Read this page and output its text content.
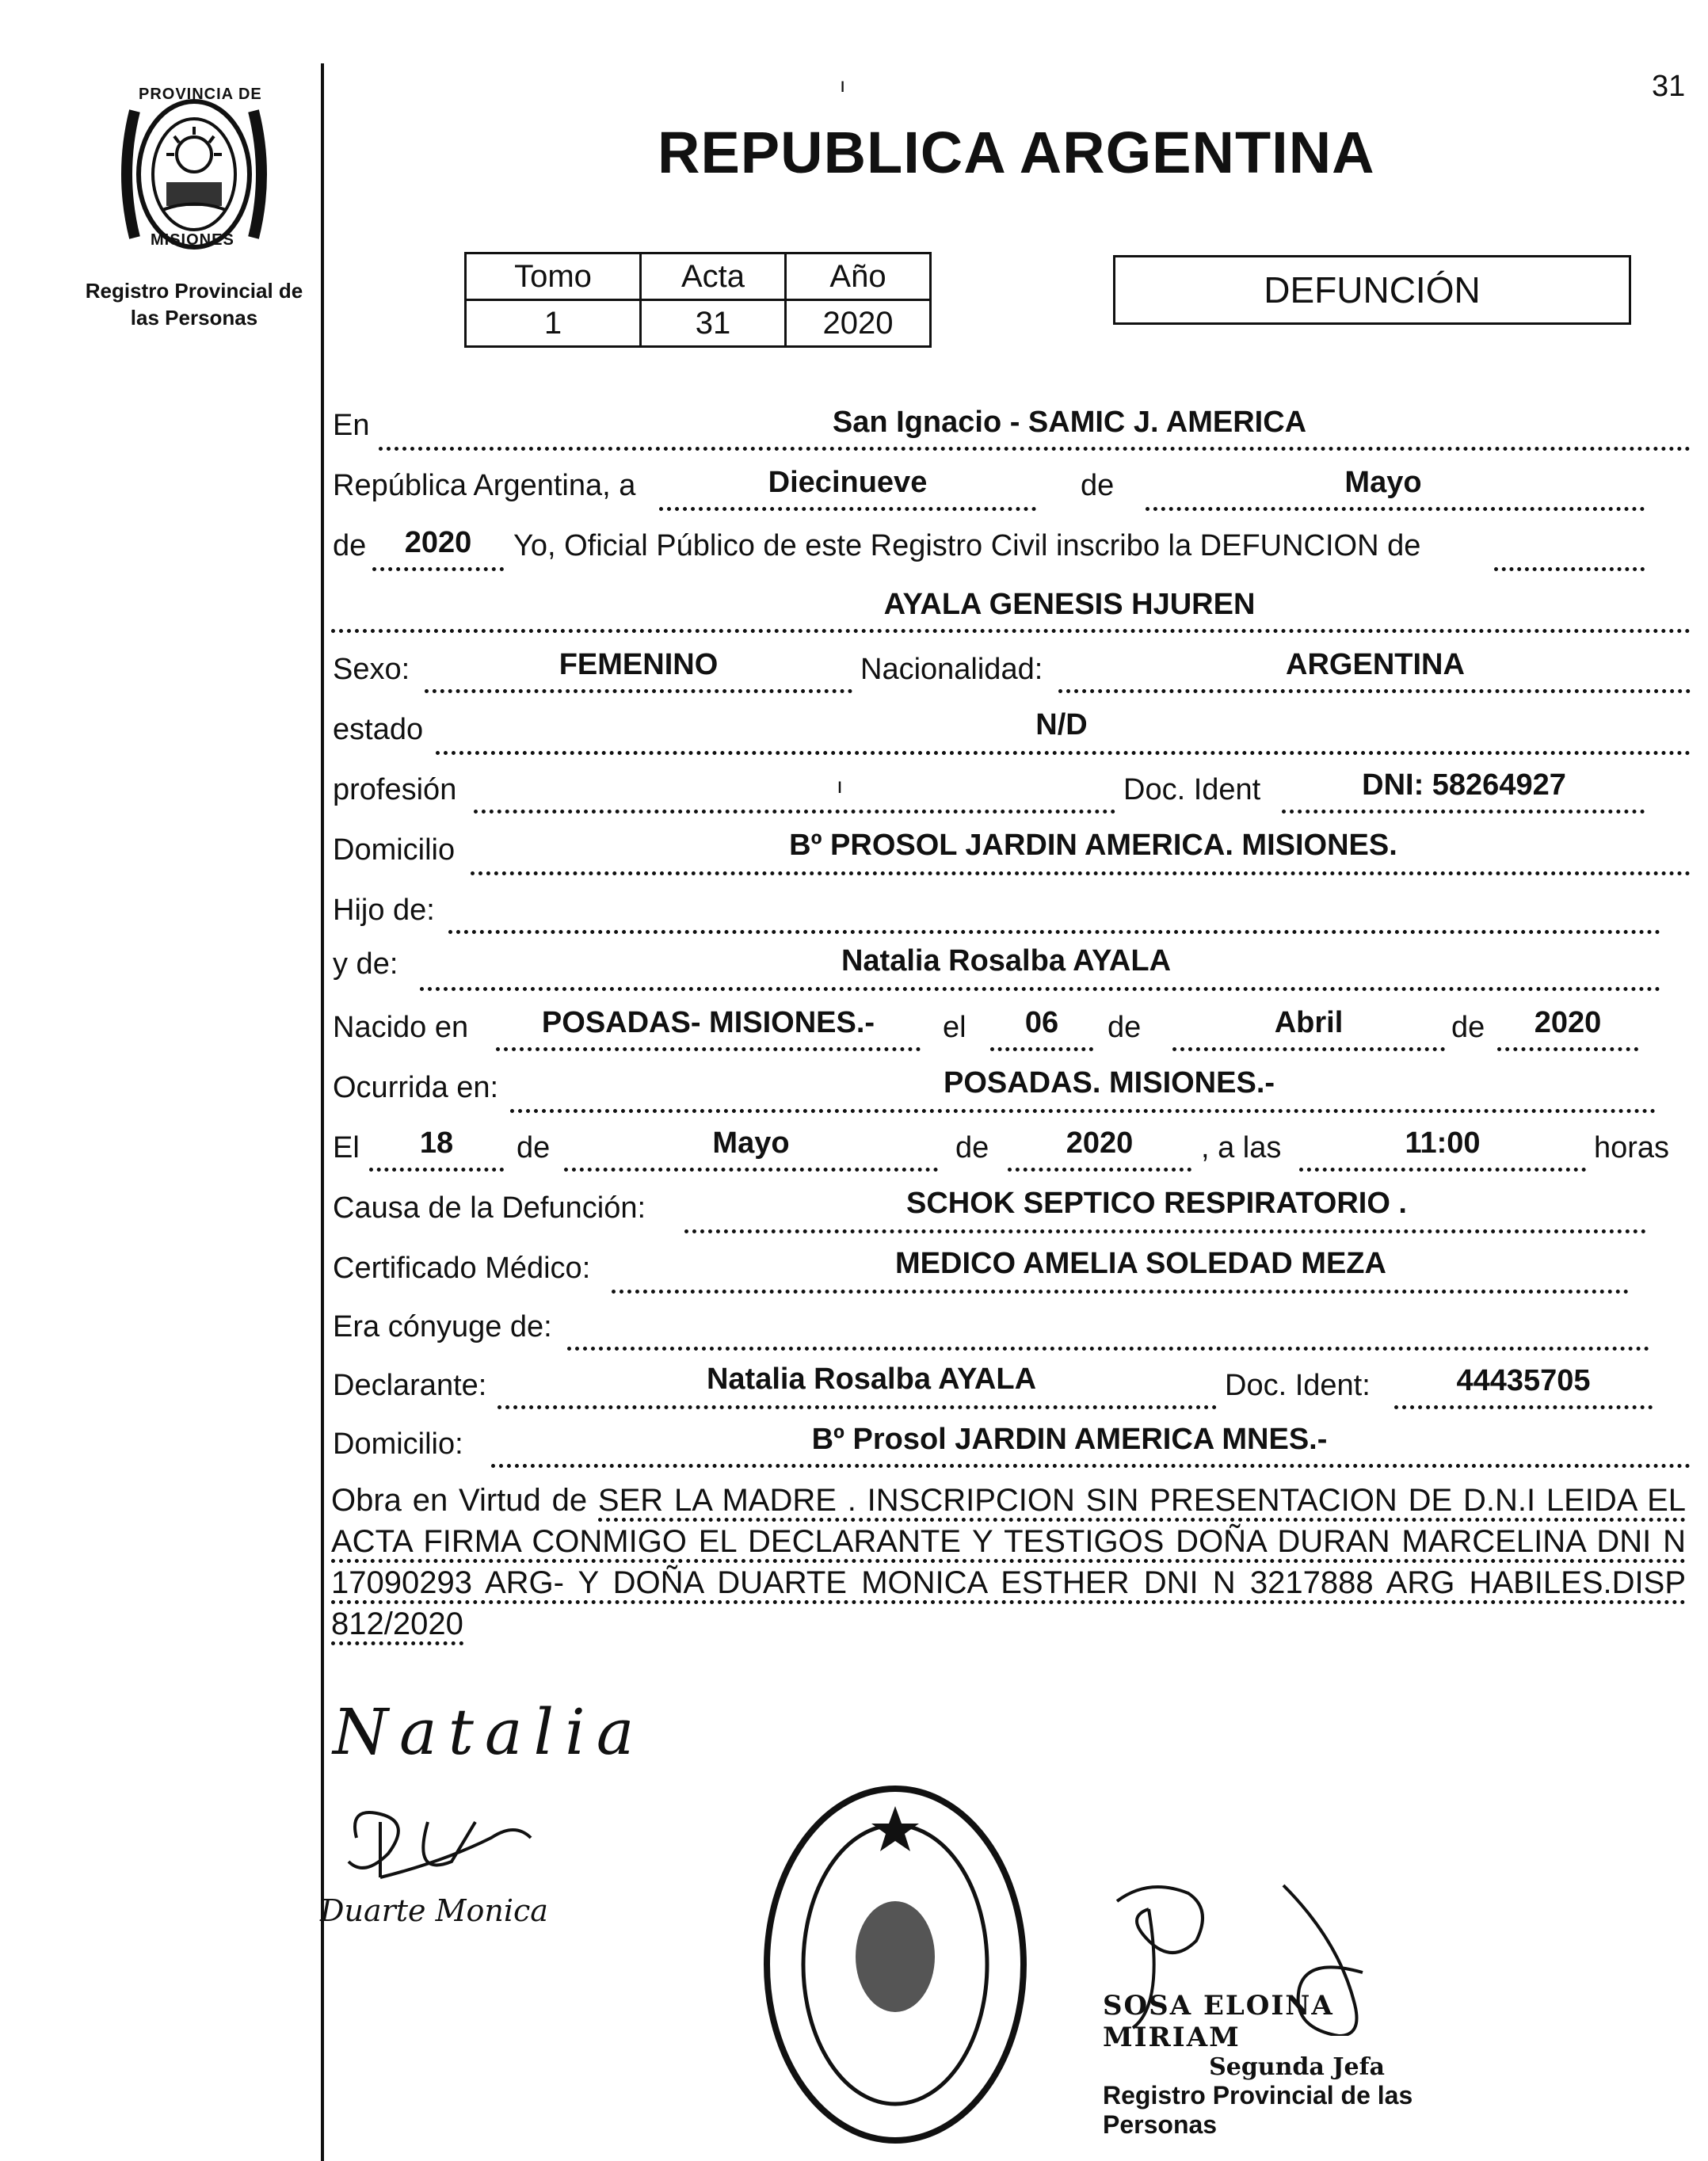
PROVINCIA DE
MISIONES
Registro Provincial de
las Personas
ı	31
REPUBLICA ARGENTINA
Tomo	Acta	Año
1	31	2020
DEFUNCIÓN
En	San Ignacio - SAMIC J. AMERICA
República Argentina, a	Diecinueve	de	Mayo
de	2020	Yo, Oficial Público de este Registro Civil inscribo la DEFUNCION de
AYALA GENESIS HJUREN
Sexo:	FEMENINO	Nacionalidad:	ARGENTINA
estado	N/D
profesión	ı	Doc. Ident	DNI: 58264927
Domicilio	Bº PROSOL JARDIN AMERICA. MISIONES.
Hijo de:
y de:	Natalia Rosalba AYALA
Nacido en	POSADAS- MISIONES.-	el	06	de	Abril	de	2020
Ocurrida en:	POSADAS. MISIONES.-
El	18	de	Mayo	de	2020	, a las	11:00	horas
Causa de la Defunción:	SCHOK SEPTICO RESPIRATORIO .
Certificado Médico:	MEDICO AMELIA SOLEDAD MEZA
Era cónyuge de:
Declarante:	Natalia Rosalba AYALA	Doc. Ident:	44435705
Domicilio:	Bº Prosol JARDIN AMERICA MNES.-
Obra en Virtud de SER LA MADRE . INSCRIPCION SIN PRESENTACION DE D.N.I LEIDA EL ACTA FIRMA CONMIGO EL DECLARANTE Y TESTIGOS DOÑA DURAN MARCELINA DNI N 17090293 ARG- Y DOÑA DUARTE MONICA ESTHER DNI N 3217888 ARG HABILES.DISP 812/2020
Natalia
Duarte Monica
SOSA ELOINA MIRIAM
Segunda Jefa
Registro Provincial de las Personas
